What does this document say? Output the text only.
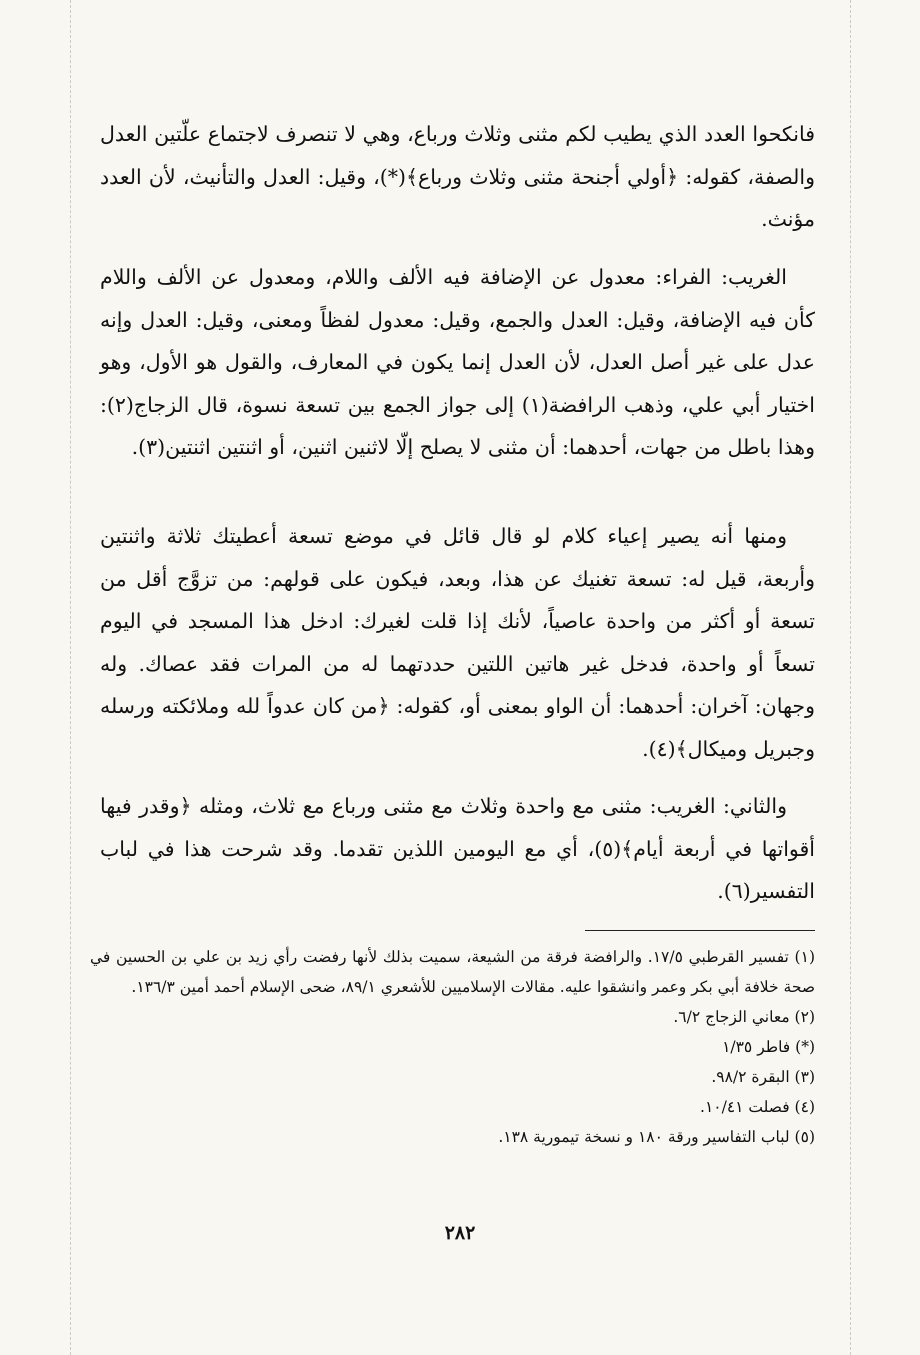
فانكحوا العدد الذي يطيب لكم مثنى وثلاث ورباع، وهي لا تنصرف لاجتماع علّتين العدل والصفة، كقوله: ﴿أولي أجنحة مثنى وثلاث ورباع﴾(*)، وقيل: العدل والتأنيث، لأن العدد مؤنث.

الغريب: الفراء: معدول عن الإضافة فيه الألف واللام، ومعدول عن الألف واللام كأن فيه الإضافة، وقيل: العدل والجمع، وقيل: معدول لفظاً ومعنى، وقيل: العدل وإنه عدل على غير أصل العدل، لأن العدل إنما يكون في المعارف، والقول هو الأول، وهو اختيار أبي علي، وذهب الرافضة(١) إلى جواز الجمع بين تسعة نسوة، قال الزجاج(٢): وهذا باطل من جهات، أحدهما: أن مثنى لا يصلح إلّا لاثنين اثنين، أو اثنتين اثنتين(٣).

ومنها أنه يصير إعياء كلام لو قال قائل في موضع تسعة أعطيتك ثلاثة واثنتين وأربعة، قيل له: تسعة تغنيك عن هذا، وبعد، فيكون على قولهم: من تزوَّج أقل من تسعة أو أكثر من واحدة عاصياً، لأنك إذا قلت لغيرك: ادخل هذا المسجد في اليوم تسعاً أو واحدة، فدخل غير هاتين اللتين حددتهما له من المرات فقد عصاك. وله وجهان: آخران: أحدهما: أن الواو بمعنى أو، كقوله: ﴿من كان عدواً لله وملائكته ورسله وجبريل وميكال﴾(٤).

والثاني: الغريب: مثنى مع واحدة وثلاث مع مثنى ورباع مع ثلاث، ومثله ﴿وقدر فيها أقواتها في أربعة أيام﴾(٥)، أي مع اليومين اللذين تقدما. وقد شرحت هذا في لباب التفسير(٦).

(١) تفسير القرطبي ١٧/٥. والرافضة فرقة من الشيعة، سميت بذلك لأنها رفضت رأي زيد بن علي بن الحسين في صحة خلافة أبي بكر وعمر وانشقوا عليه. مقالات الإسلاميين للأشعري ٨٩/١، ضحى الإسلام أحمد أمين ١٣٦/٣.

(٢) معاني الزجاج ٦/٢.

(*) فاطر ١/٣٥

(٣) البقرة ٩٨/٢.

(٤) فصلت ١٠/٤١.

(٥) لباب التفاسير ورقة ١٨٠ و نسخة تيمورية ١٣٨.

٢٨٢
